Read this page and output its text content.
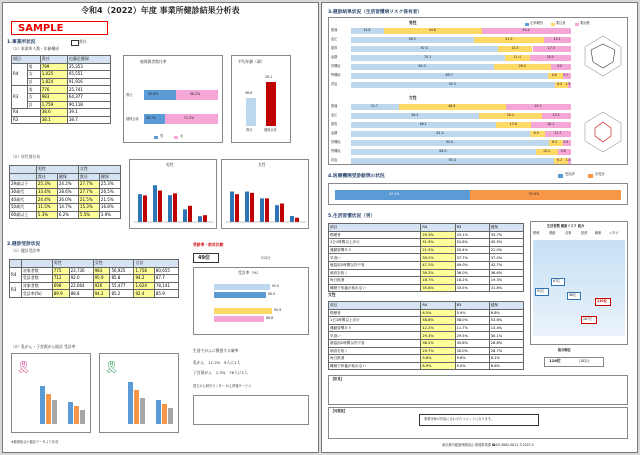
令和4（2022）年度 事業所健診結果分析表
SAMPLE
1.事業所状況	貴社
（1）事業所人数・年齢構成
項目		貴社	也藤足健保
R4	男	799	25,353
	女	1,025	65,551
	計	1,824	91,916
R3	男	776	25,741
	女	983	64,377
	計	1,759	90,118
R4		38.6	39.1
R3		38.1	38.7
被保険者数比率
貴社	43.8%	56.2%
健保全体 28.7%	71.3%
男	女
平均年齢（歳）
38.6
39.1
貴社	健保全体
（2）年代別分布
	男性		女性	
	貴社	健保	貴社	健保
29歳以下	25.3%	24.2%	27.7%	25.3%
30歳代	33.4%	28.6%	27.7%	26.5%
40歳代	24.4%	26.0%	21.5%	21.5%
50歳代	11.5%	14.7%	15.3%	16.8%
60歳以上	5.3%	6.2%	5.5%	3.9%
男性	女性
2.健診受診状況
（1）健診受診率
		男性		女性		合計	
R4	対象者数	775	23,730	983	56,925	1,758	80,655
	受診者数	712	92.0	95.9	85.8	94.2	87.7
R3	対象者数	698	22,664	926	55,477	1,624	78,141
	受診率(%)	89.9	88.8	94.2	85.2	92.4	85.9
受診率・前年比較
49位	212社
受診率（%）
92.0
90.0
95.9
86.8
（2）乳がん・子宮頸がん検診 受診率
🎗	🎗
生涯でがんに罹患する確率
乳がん　11.2%　9人に1人
子宮頸がん　1.3%　76人に1人
国立がん研究センター がん情報サービス
※健保組合の健診データより作成
3.健診結果状況（生活習慣病リスク保有者）
男性
肥満	14.8	44.8	40.4
血圧	56.0	31.9	12.1
脂質	67.0	15.5	17.5
血糖	70.1	11.4	18.5
肝機能	65.0	26.0	9.0
腎機能	89.7	6.6 3.7
貧血	92.5	6.0 1.5
女性
肥満	21.7	48.6	29.7
血圧	58.4	28.4	13.2
脂質	66.1	15.8	18.1
血糖	81.4	6.9	11.7
肝機能	90.0	6.5 3.5
腎機能	84.0	10.2	5.8
貧血	92.4	6.2 1.4
正常範囲	要注意	要治療
4.医療機関受診勧奨の状況	受診済	未受診
47.1%	52.9%
5.生活習慣状況（男）
項目	R4	R3	健保
喫煙者	29.3%	25.1%	33.7%
1日1時間以上歩行	51.9%	52.8%	45.5%
運動習慣あり	21.5%	20.4%	22.0%
早食い	39.2%	37.7%	37.0%
就寝前2時間以内夕食	47.2%	49.0%	42.7%
朝食を抜く	39.2%	36.0%	36.6%
毎日飲酒	18.7%	18.2%	19.3%
睡眠で休養が取れない	35.8%	33.5%	31.8%
女性
項目	R4	R3	健保
喫煙者	6.5%	5.9%	6.8%
1日1時間以上歩行	58.8%	58.0%	53.8%
運動習慣あり	12.2%	11.7%	13.4%
早食い	29.3%	29.5%	30.1%
就寝前2時間以内夕食	36.2%	35.8%	28.8%
朝食を抜く	29.7%	30.0%	28.7%
毎日飲酒	9.6%	9.6%	8.1%
睡眠で休養が取れない	8.9%	9.0%	8.6%
生活習慣 健康リスク 総合
喫煙	運動	食事	飲酒 睡眠 メタボ
91位
67位
96位
110位
187位
総合順位
116位	/182社
【所見】
【対策案】
事業所毎の内容に合わせたコメントになります。
東京都内健康保険組合 保健事業課 ☎03-3662-5811 ©2022.5
